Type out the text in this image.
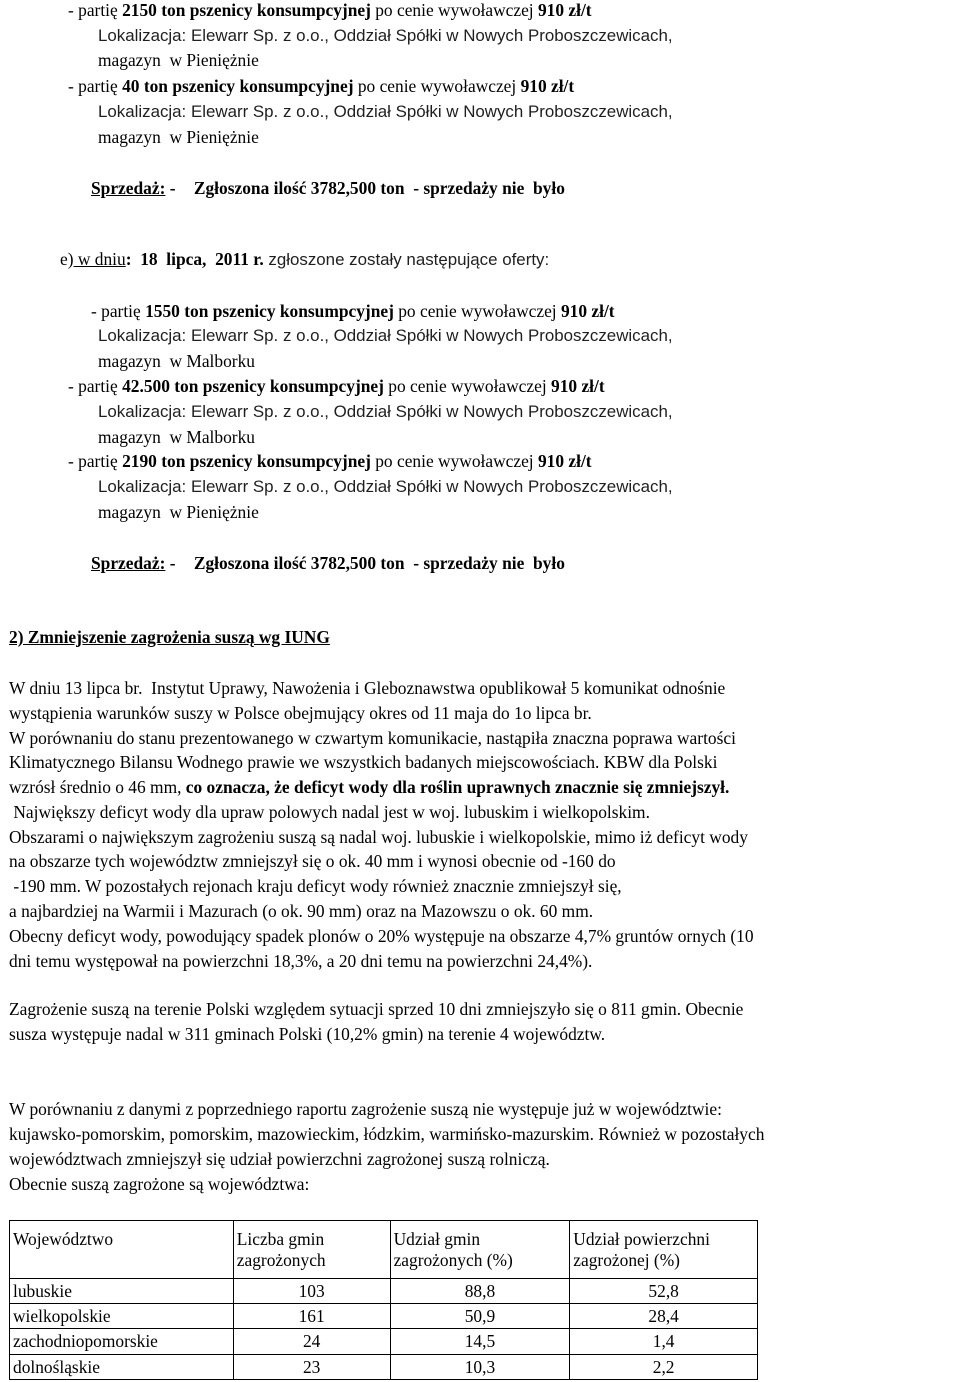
- partię 2150 ton pszenicy konsumpcyjnej po cenie wywoławczej 910 zł/t
Lokalizacja: Elewarr Sp. z o.o., Oddział Spółki w Nowych Proboszczewicach,
magazyn  w Pieniężnie
- partię 40 ton pszenicy konsumpcyjnej po cenie wywoławczej 910 zł/t
Lokalizacja: Elewarr Sp. z o.o., Oddział Spółki w Nowych Proboszczewicach,
magazyn  w Pieniężnie
Sprzedaż: - Zgłoszona ilość 3782,500 ton  - sprzedaży nie  było
e) w dniu:  18  lipca,  2011 r. zgłoszone zostały następujące oferty:
- partię 1550 ton pszenicy konsumpcyjnej po cenie wywoławczej 910 zł/t
Lokalizacja: Elewarr Sp. z o.o., Oddział Spółki w Nowych Proboszczewicach,
magazyn  w Malborku
- partię 42.500 ton pszenicy konsumpcyjnej po cenie wywoławczej 910 zł/t
Lokalizacja: Elewarr Sp. z o.o., Oddział Spółki w Nowych Proboszczewicach,
magazyn  w Malborku
- partię 2190 ton pszenicy konsumpcyjnej po cenie wywoławczej 910 zł/t
Lokalizacja: Elewarr Sp. z o.o., Oddział Spółki w Nowych Proboszczewicach,
magazyn  w Pieniężnie
Sprzedaż: - Zgłoszona ilość 3782,500 ton  - sprzedaży nie  było
2) Zmniejszenie zagrożenia suszą wg IUNG
W dniu 13 lipca br.  Instytut Uprawy, Nawożenia i Gleboznawstwa opublikował 5 komunikat odnośnie
wystąpienia warunków suszy w Polsce obejmujący okres od 11 maja do 1o lipca br.
W porównaniu do stanu prezentowanego w czwartym komunikacie, nastąpiła znaczna poprawa wartości
Klimatycznego Bilansu Wodnego prawie we wszystkich badanych miejscowościach. KBW dla Polski
wzrósł średnio o 46 mm, co oznacza, że deficyt wody dla roślin uprawnych znacznie się zmniejszył.
Największy deficyt wody dla upraw polowych nadal jest w woj. lubuskim i wielkopolskim.
Obszarami o największym zagrożeniu suszą są nadal woj. lubuskie i wielkopolskie, mimo iż deficyt wody
na obszarze tych województw zmniejszył się o ok. 40 mm i wynosi obecnie od -160 do
-190 mm. W pozostałych rejonach kraju deficyt wody również znacznie zmniejszył się,
a najbardziej na Warmii i Mazurach (o ok. 90 mm) oraz na Mazowszu o ok. 60 mm.
Obecny deficyt wody, powodujący spadek plonów o 20% występuje na obszarze 4,7% gruntów ornych (10
dni temu występował na powierzchni 18,3%, a 20 dni temu na powierzchni 24,4%).
Zagrożenie suszą na terenie Polski względem sytuacji sprzed 10 dni zmniejszyło się o 811 gmin. Obecnie
susza występuje nadal w 311 gminach Polski (10,2% gmin) na terenie 4 województw.
W porównaniu z danymi z poprzedniego raportu zagrożenie suszą nie występuje już w województwie:
kujawsko-pomorskim, pomorskim, mazowieckim, łódzkim, warmińsko-mazurskim. Również w pozostałych
województwach zmniejszył się udział powierzchni zagrożonej suszą rolniczą.
Obecnie suszą zagrożone są województwa:
Województwo	Liczba gmin zagrożonych	Udział gmin zagrożonych (%)	Udział powierzchni zagrożonej (%)
lubuskie	103	88,8	52,8
wielkopolskie	161	50,9	28,4
zachodniopomorskie	24	14,5	1,4
dolnośląskie	23	10,3	2,2
